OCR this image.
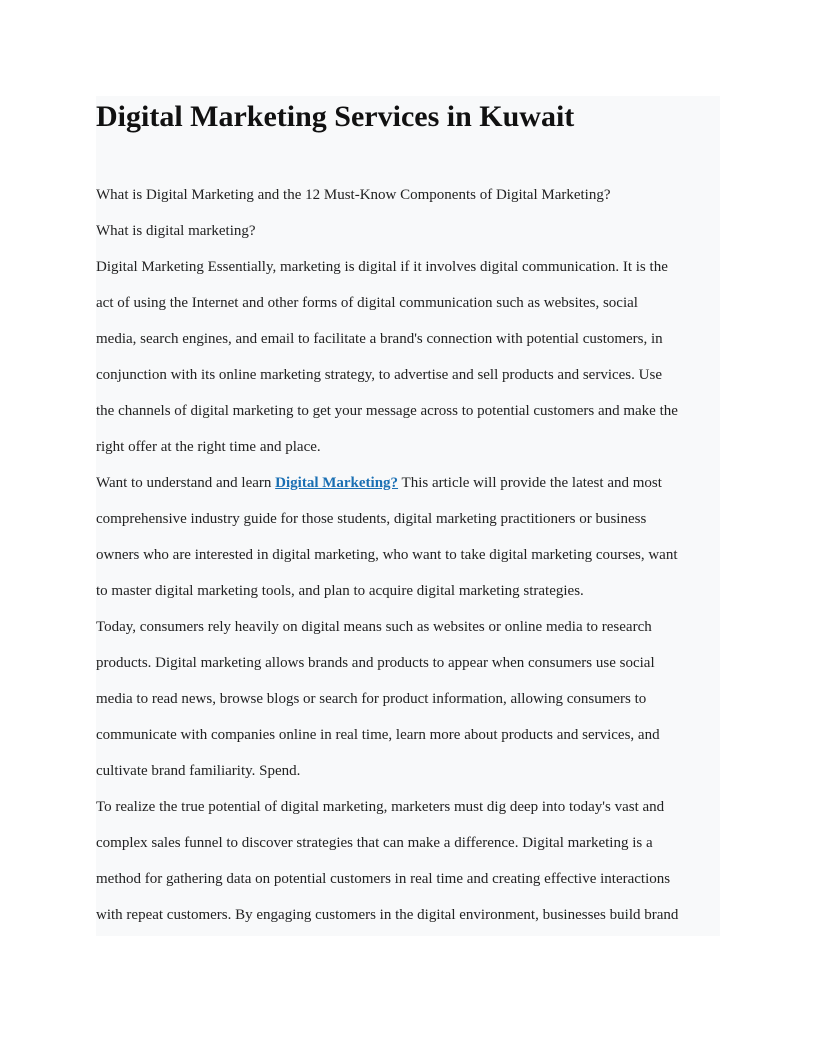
Digital Marketing Services in Kuwait
What is Digital Marketing and the 12 Must-Know Components of Digital Marketing?
What is digital marketing?
Digital Marketing Essentially, marketing is digital if it involves digital communication. It is the
act of using the Internet and other forms of digital communication such as websites, social
media, search engines, and email to facilitate a brand's connection with potential customers, in
conjunction with its online marketing strategy, to advertise and sell products and services. Use
the channels of digital marketing to get your message across to potential customers and make the
right offer at the right time and place.
Want to understand and learn Digital Marketing? This article will provide the latest and most
comprehensive industry guide for those students, digital marketing practitioners or business
owners who are interested in digital marketing, who want to take digital marketing courses, want
to master digital marketing tools, and plan to acquire digital marketing strategies.
Today, consumers rely heavily on digital means such as websites or online media to research
products. Digital marketing allows brands and products to appear when consumers use social
media to read news, browse blogs or search for product information, allowing consumers to
communicate with companies online in real time, learn more about products and services, and
cultivate brand familiarity. Spend.
To realize the true potential of digital marketing, marketers must dig deep into today's vast and
complex sales funnel to discover strategies that can make a difference. Digital marketing is a
method for gathering data on potential customers in real time and creating effective interactions
with repeat customers. By engaging customers in the digital environment, businesses build brand
